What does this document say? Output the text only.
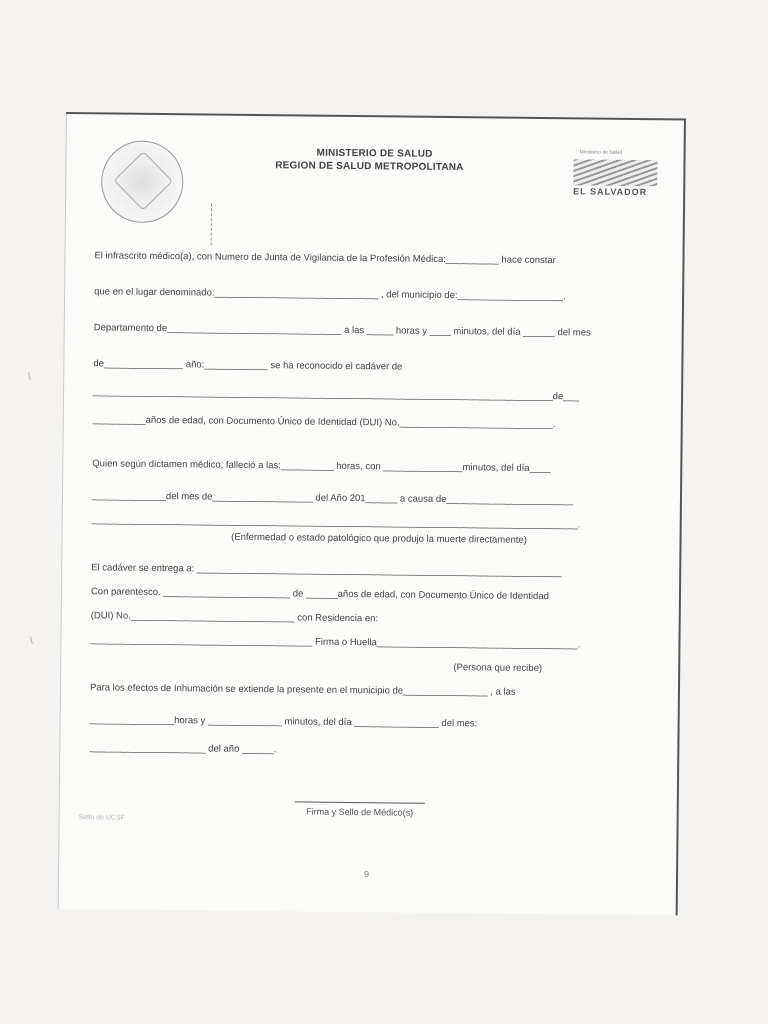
MINISTERIO DE SALUD
REGION DE SALUD METROPOLITANA
Ministerio de Salud
EL SALVADOR
El infrascrito médico(a), con Numero de Junta de Vigilancia de la Profesión Médica:__________ hace constar
que en el lugar denominado:_______________________________ , del municipio de:____________________.
Departamento de_________________________________ a las _____ horas y ____ minutos, del día ______ del mes
de_______________ año:____________ se ha reconocido el cadáver de
_______________________________________________________________________________________de___
__________años de edad, con Documento Único de Identidad (DUI) No._____________________________.
Quien según dictamen médico, falleció a las:__________ horas, con _______________minutos, del día____
______________del mes de___________________ del Año 201______ a causa de________________________
____________________________________________________________________________________________.
(Enfermedad o estado patológico que produjo la muerte directamente)
El cadáver se entrega a: _____________________________________________________________________
Con parentesco. ________________________ de ______años de edad, con Documento Único de Identidad
(DUI) No._______________________________ con Residencia en:
__________________________________________ Firma o Huella______________________________________.
(Persona que recibe)
Para los efectos de Inhumación se extiende la presente en el municipio de________________ , a las
________________horas y ______________ minutos, del día ________________ del mes:
______________________ del año ______.
Firma y Sello de Médico(s)
Sello de UCSF
9
\
\
